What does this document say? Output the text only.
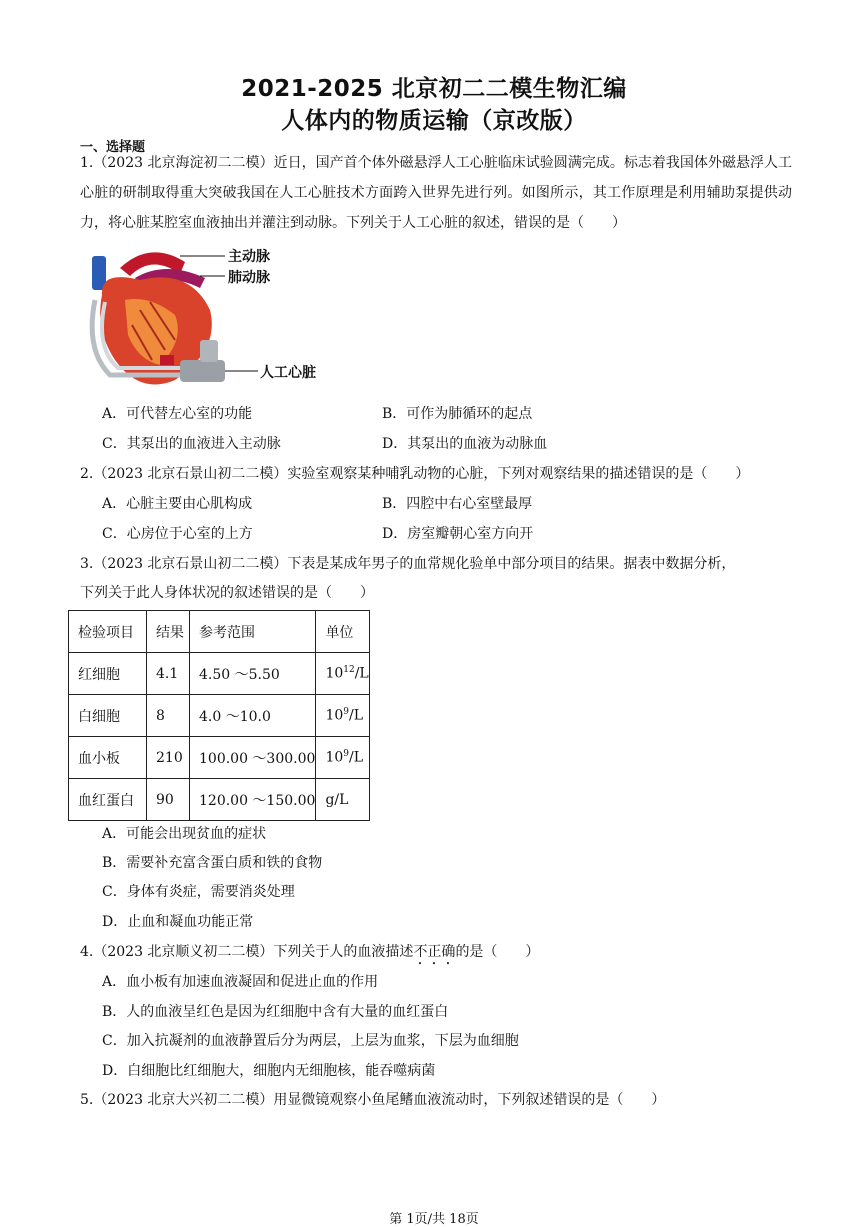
2021-2025 北京初二二模生物汇编
人体内的物质运输（京改版）
一、选择题
1.（2023 北京海淀初二二模）近日，国产首个体外磁悬浮人工心脏临床试验圆满完成。标志着我国体外磁悬浮人工心脏的研制取得重大突破我国在人工心脏技术方面跨入世界先进行列。如图所示，其工作原理是利用辅助泵提供动力，将心脏某腔室血液抽出并灌注到动脉。下列关于人工心脏的叙述，错误的是（　　）
主动脉
肺动脉
人工心脏
A．可代替左心室的功能	B．可作为肺循环的起点
C．其泵出的血液进入主动脉	D．其泵出的血液为动脉血
2.（2023 北京石景山初二二模）实验室观察某种哺乳动物的心脏，下列对观察结果的描述错误的是（　　）
A．心脏主要由心肌构成	B．四腔中右心室壁最厚
C．心房位于心室的上方	D．房室瓣朝心室方向开
3.（2023 北京石景山初二二模）下表是某成年男子的血常规化验单中部分项目的结果。据表中数据分析，
下列关于此人身体状况的叙述错误的是（　　）
检验项目	结果	参考范围	单位
红细胞	4.1	4.50 ～5.50	$10^{12}/L$
白细胞	8	4.0 ～10.0	$10^9/L$
血小板	210	100.00 ～300.00	$10^9/L$
血红蛋白	90	120.00 ～150.00	g/L
A．可能会出现贫血的症状
B．需要补充富含蛋白质和铁的食物
C．身体有炎症，需要消炎处理
D．止血和凝血功能正常
4.（2023 北京顺义初二二模）下列关于人的血液描述不正确的是（　　）
A．血小板有加速血液凝固和促进止血的作用
B．人的血液呈红色是因为红细胞中含有大量的血红蛋白
C．加入抗凝剂的血液静置后分为两层，上层为血浆，下层为血细胞
D．白细胞比红细胞大，细胞内无细胞核，能吞噬病菌
5.（2023 北京大兴初二二模）用显微镜观察小鱼尾鳍血液流动时，下列叙述错误的是（　　）
第 1页/共 18页
